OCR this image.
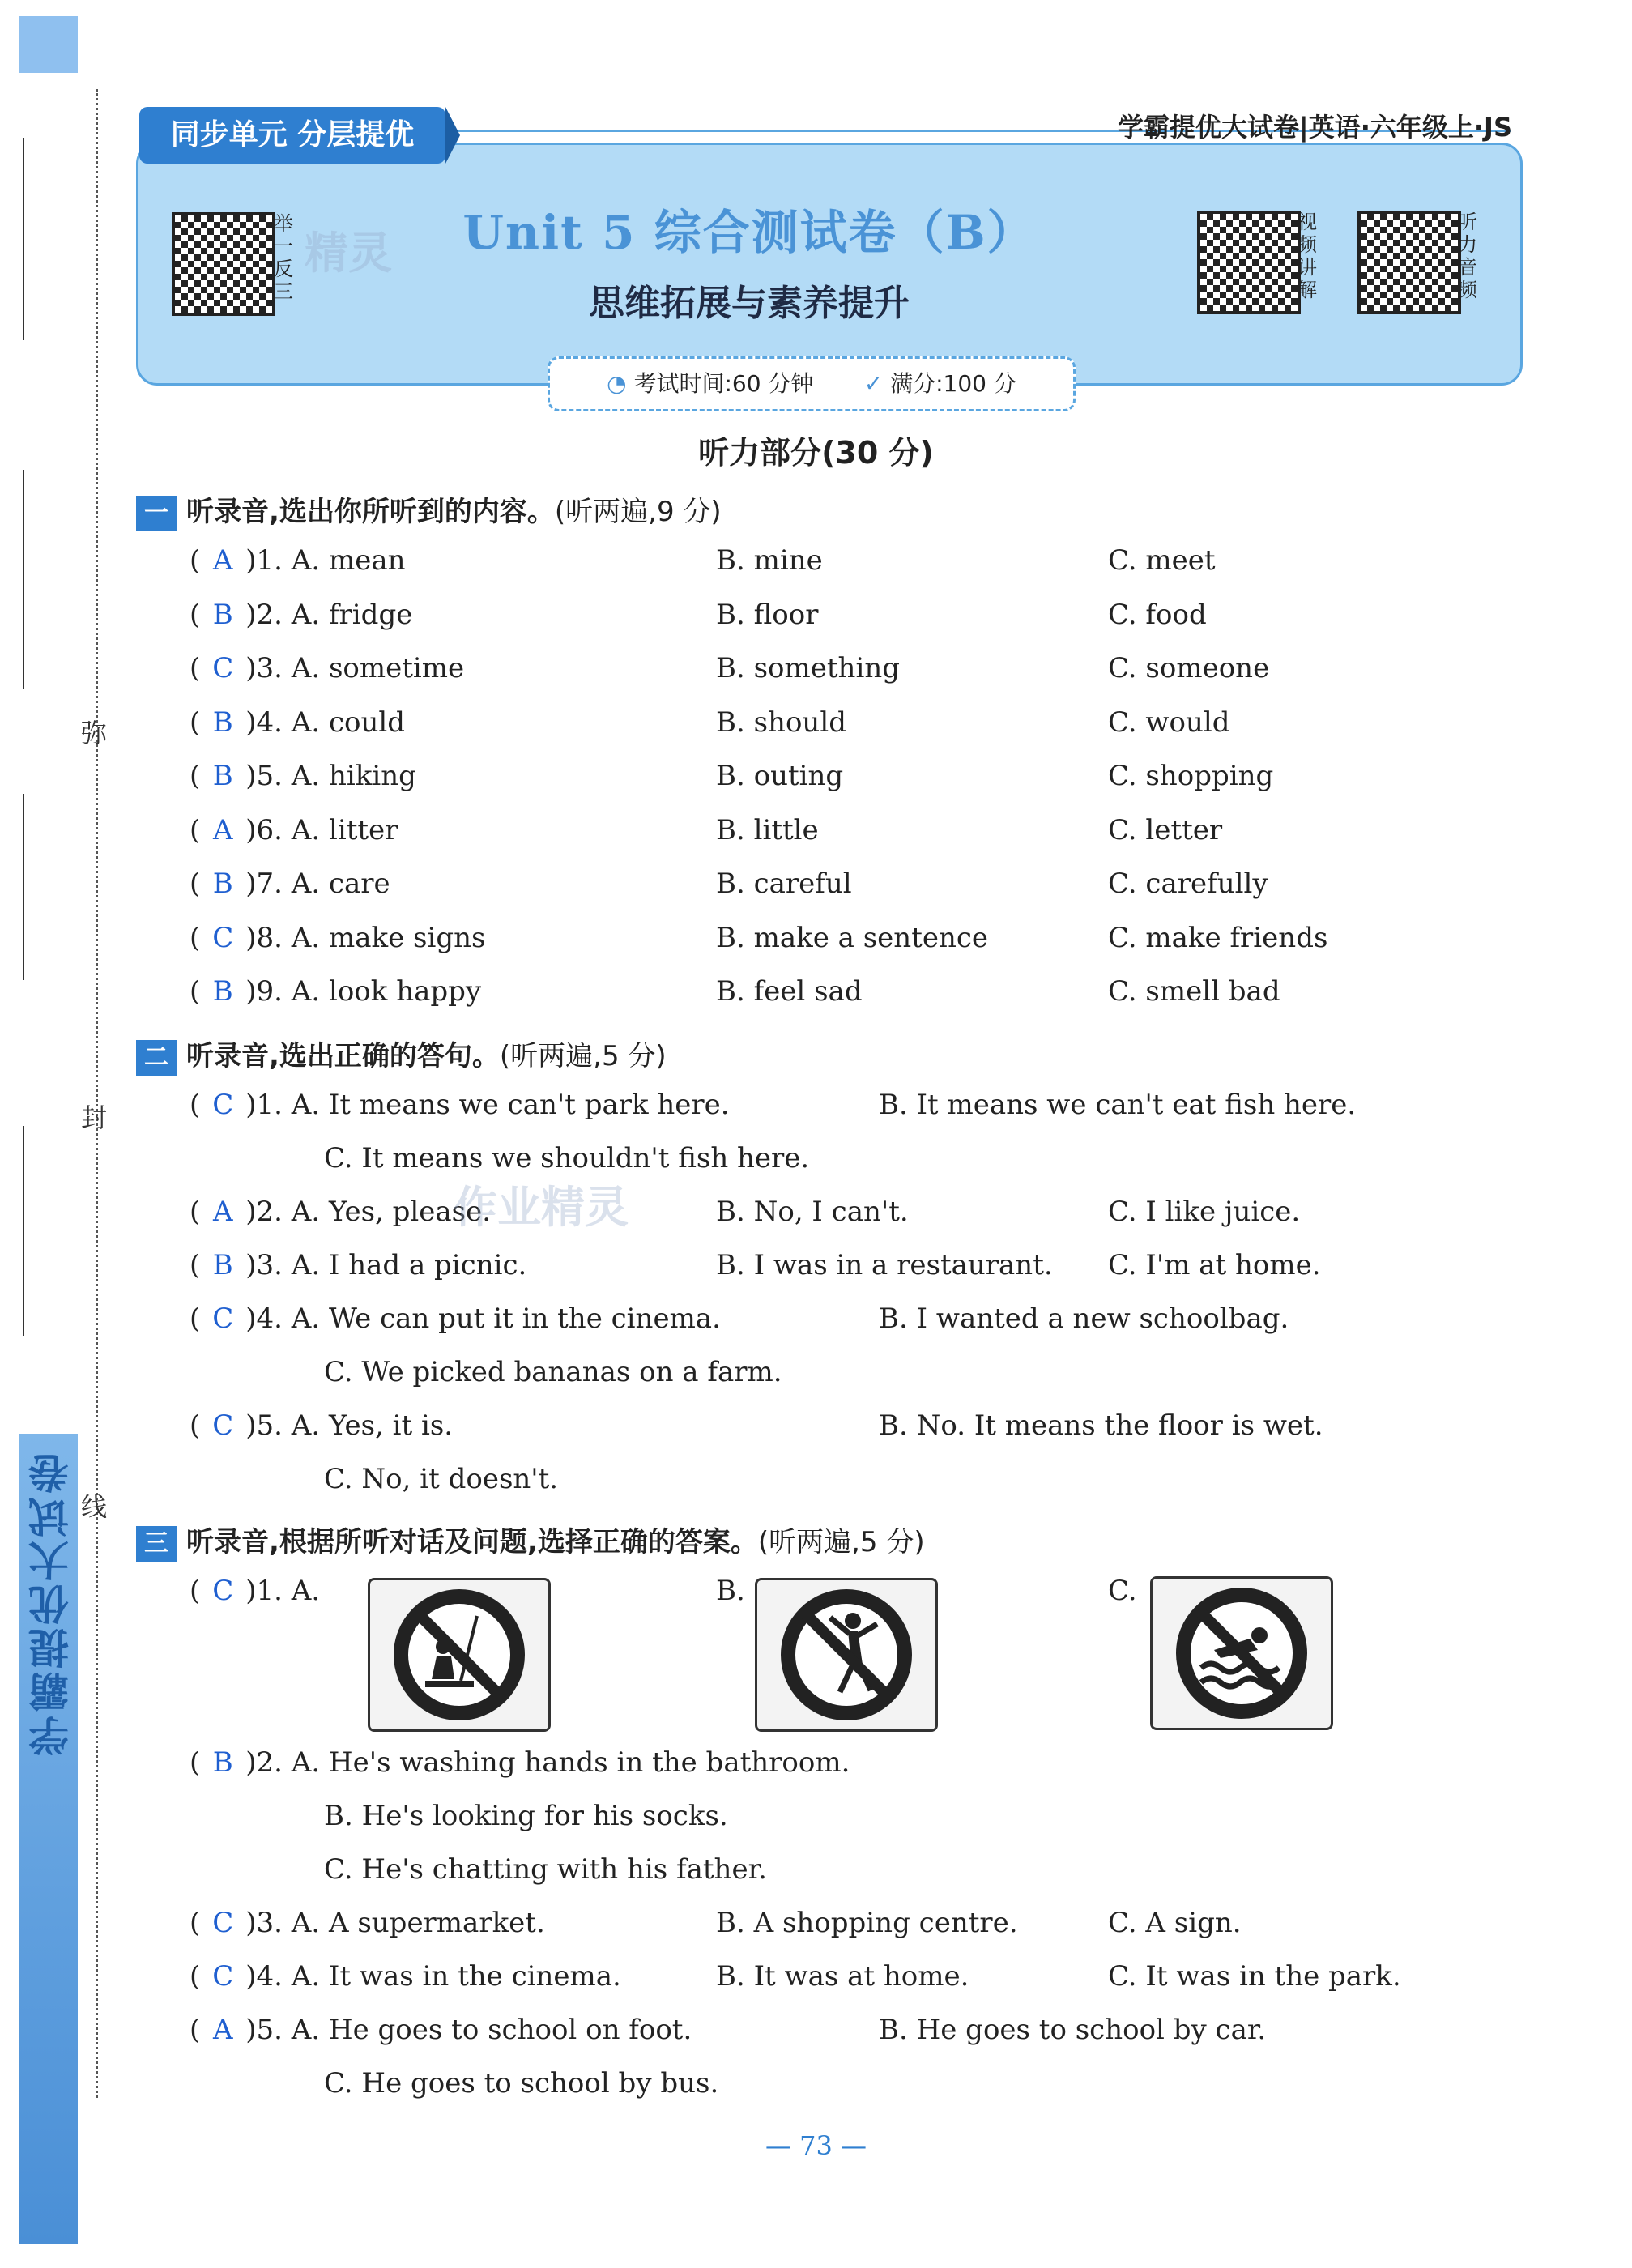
学霸提优大试卷
弥
封
线
同步单元 分层提优	学霸提优大试卷|英语·六年级上·JS
举一反三
精灵 Unit 5 综合测试卷（B）
思维拓展与素养提升
视频讲解
听力音频
◔ 考试时间:60 分钟 ✓ 满分:100 分
听力部分(30 分)
一 听录音,选出你所听到的内容。(听两遍,9 分)
( A )1. A. mean	B. mine	C. meet
( B )2. A. fridge	B. floor	C. food
( C )3. A. sometime	B. something	C. someone
( B )4. A. could	B. should	C. would
( B )5. A. hiking	B. outing	C. shopping
( A )6. A. litter	B. little	C. letter
( B )7. A. care	B. careful	C. carefully
( C )8. A. make signs	B. make a sentence	C. make friends
( B )9. A. look happy	B. feel sad	C. smell bad
二 听录音,选出正确的答句。(听两遍,5 分)
( C )1. A. It means we can't park here.	B. It means we can't eat fish here.
C. It means we shouldn't fish here.
( A )2. A. Yes, please.	B. No, I can't.	C. I like juice.
( B )3. A. I had a picnic.	B. I was in a restaurant. C. I'm at home.
( C )4. A. We can put it in the cinema.	B. I wanted a new schoolbag.
C. We picked bananas on a farm.
( C )5. A. Yes, it is.	B. No. It means the floor is wet.
C. No, it doesn't.
作业精灵
三 听录音,根据所听对话及问题,选择正确的答案。(听两遍,5 分)
( C )1. A.	B.	C.
( B )2. A. He's washing hands in the bathroom.
B. He's looking for his socks.
C. He's chatting with his father.
( C )3. A. A supermarket.	B. A shopping centre.	C. A sign.
( C )4. A. It was in the cinema.	B. It was at home.	C. It was in the park.
( A )5. A. He goes to school on foot.	B. He goes to school by car.
C. He goes to school by bus.
— 73 —
